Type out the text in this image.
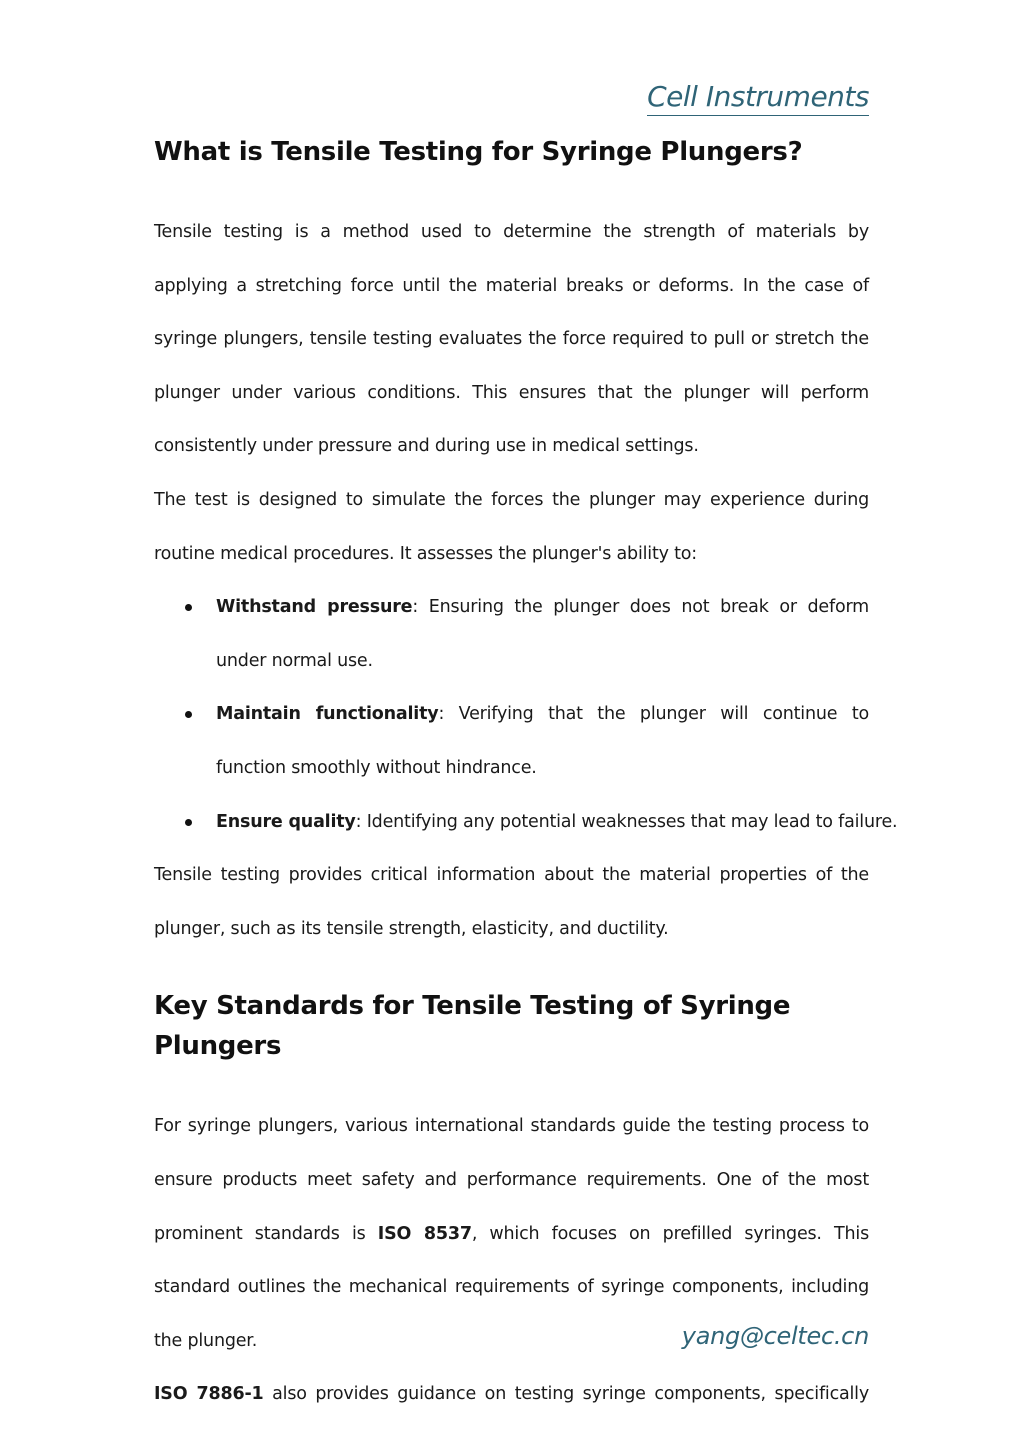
Cell Instruments
What is Tensile Testing for Syringe Plungers?

Tensile testing is a method used to determine the strength of materials by applying a stretching force until the material breaks or deforms. In the case of syringe plungers, tensile testing evaluates the force required to pull or stretch the plunger under various conditions. This ensures that the plunger will perform consistently under pressure and during use in medical settings.

The test is designed to simulate the forces the plunger may experience during routine medical procedures. It assesses the plunger's ability to:

Withstand pressure: Ensuring the plunger does not break or deform under normal use.
Maintain functionality: Verifying that the plunger will continue to function smoothly without hindrance.
Ensure quality: Identifying any potential weaknesses that may lead to failure.

Tensile testing provides critical information about the material properties of the plunger, such as its tensile strength, elasticity, and ductility.

Key Standards for Tensile Testing of Syringe Plungers

For syringe plungers, various international standards guide the testing process to ensure products meet safety and performance requirements. One of the most prominent standards is ISO 8537, which focuses on prefilled syringes. This standard outlines the mechanical requirements of syringe components, including the plunger.

ISO 7886-1 also provides guidance on testing syringe components, specifically

yang@celtec.cn
